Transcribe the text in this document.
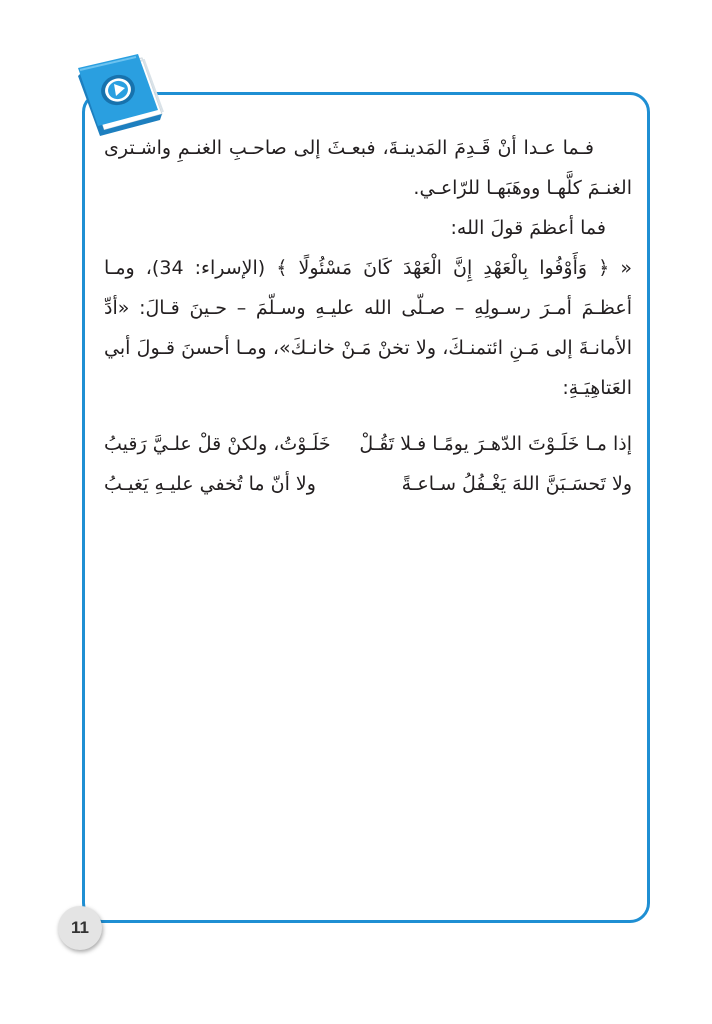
فـما عـدا أنْ قَـدِمَ المَدينـةَ، فبعـثَ إلى صاحـبِ الغنـمِ واشـترى الغنـمَ كلَّهـا ووهَبَهـا للرّاعـي.

فما أعظمَ قولَ الله:

« ﴿ وَأَوْفُوا بِالْعَهْدِ إِنَّ الْعَهْدَ كَانَ مَسْئُولًا ﴾ (الإسراء: 34)، ومـا أعظـمَ أمـرَ رسـولِهِ – صـلّى الله عليـهِ وسـلّمَ – حـينَ قـالَ: «أدِّ الأمانـةَ إلى مَـنِ ائتمنـكَ، ولا تخنْ مَـنْ خانـكَ»، ومـا أحسنَ قـولَ أبي العَتاهِيَـةِ:

إذا مـا خَلَـوْتَ الدّهـرَ يومًـا فـلا تَقُـلْ
خَلَـوْتُ، ولكنْ قلْ علـيَّ رَقيبُ
ولا تَحسَـبَنَّ اللهَ يَغْـفُلُ سـاعـةً
ولا أنّ ما تُخفي عليـهِ يَغيـبُ
11
